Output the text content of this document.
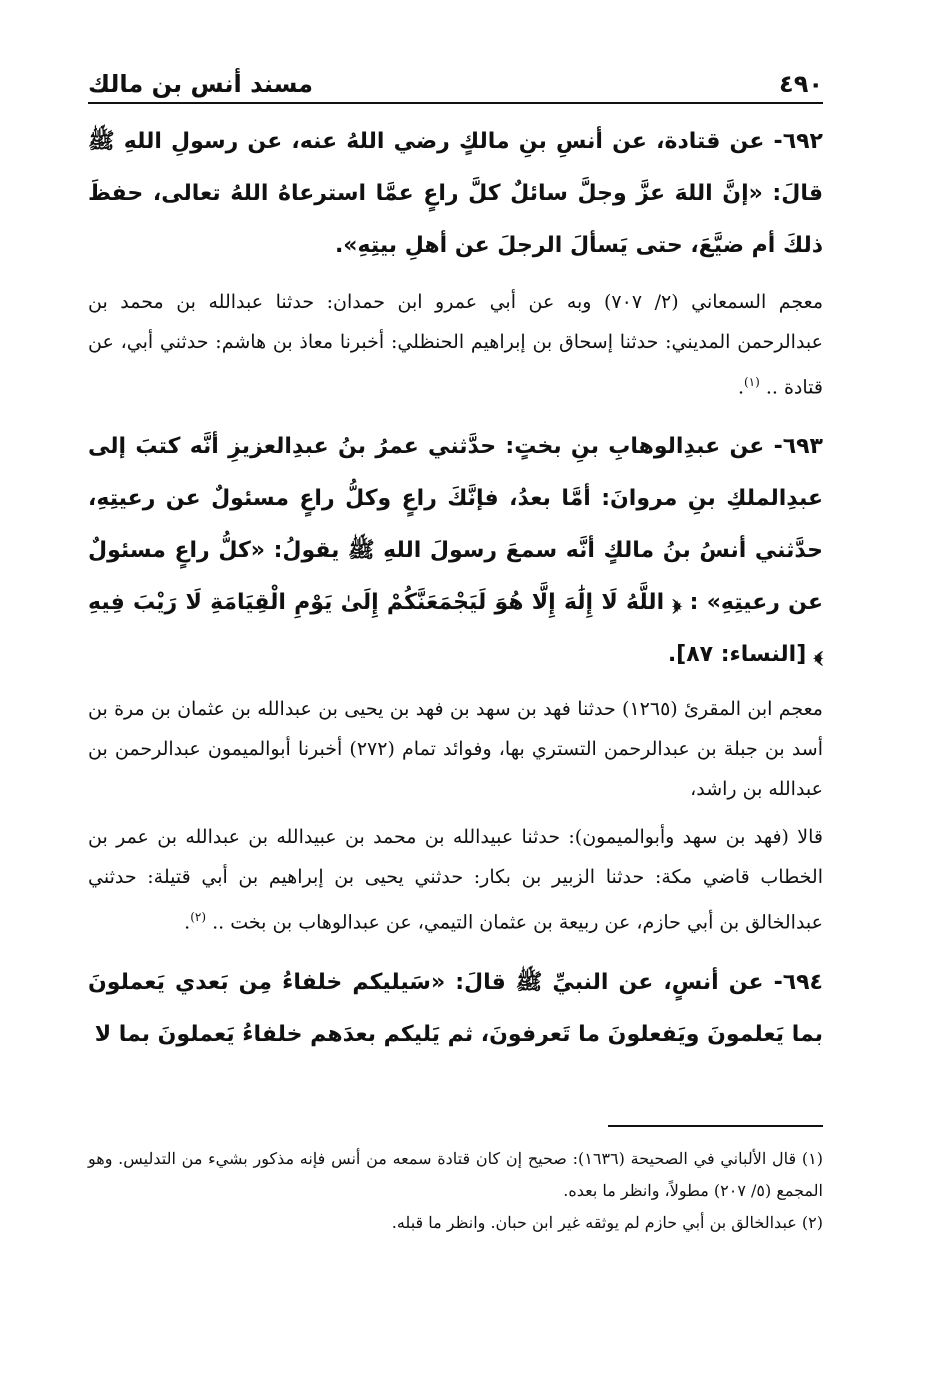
٤٩٠
مسند أنس بن مالك

٦٩٢- عن قتادة، عن أنسِ بنِ مالكٍ رضي اللهُ عنه، عن رسولِ اللهِ ﷺ قالَ: «إنَّ اللهَ عزَّ وجلَّ سائلٌ كلَّ راعٍ عمَّا استرعاهُ اللهُ تعالى، حفظَ ذلكَ أم ضيَّعَ، حتى يَسألَ الرجلَ عن أهلِ بيتِهِ».

معجم السمعاني (٢/ ٧٠٧) وبه عن أبي عمرو ابن حمدان: حدثنا عبدالله بن محمد بن عبدالرحمن المديني: حدثنا إسحاق بن إبراهيم الحنظلي: أخبرنا معاذ بن هاشم: حدثني أبي، عن قتادة .. $^{(١)}$.

٦٩٣- عن عبدِالوهابِ بنِ بختٍ: حدَّثني عمرُ بنُ عبدِالعزيزِ أنَّه كتبَ إلى عبدِالملكِ بنِ مروانَ: أمَّا بعدُ، فإنَّكَ راعٍ وكلُّ راعٍ مسئولٌ عن رعيتِهِ، حدَّثني أنسُ بنُ مالكٍ أنَّه سمعَ رسولَ اللهِ ﷺ يقولُ: «كلُّ راعٍ مسئولٌ عن رعيتِهِ» : ﴿ اللَّهُ لَا إِلَٰهَ إِلَّا هُوَ لَيَجْمَعَنَّكُمْ إِلَىٰ يَوْمِ الْقِيَامَةِ لَا رَيْبَ فِيهِ ﴾ [النساء: ٨٧].

معجم ابن المقرئ (١٢٦٥) حدثنا فهد بن سهد بن فهد بن يحيى بن عبدالله بن عثمان بن مرة بن أسد بن جبلة بن عبدالرحمن التستري بها، وفوائد تمام (٢٧٢) أخبرنا أبوالميمون عبدالرحمن بن عبدالله بن راشد،

قالا (فهد بن سهد وأبوالميمون): حدثنا عبيدالله بن محمد بن عبيدالله بن عبدالله بن عمر بن الخطاب قاضي مكة: حدثنا الزبير بن بكار: حدثني يحيى بن إبراهيم بن أبي قتيلة: حدثني عبدالخالق بن أبي حازم، عن ربيعة بن عثمان التيمي، عن عبدالوهاب بن بخت .. $^{(٢)}$.

٦٩٤- عن أنسٍ، عن النبيِّ ﷺ قالَ: «سَيليكم خلفاءُ مِن بَعدي يَعملونَ بما يَعلمونَ ويَفعلونَ ما تَعرفونَ، ثم يَليكم بعدَهم خلفاءُ يَعملونَ بما لا

(١) قال الألباني في الصحيحة (١٦٣٦): صحيح إن كان قتادة سمعه من أنس فإنه مذكور بشيء من التدليس. وهو المجمع (٥/ ٢٠٧) مطولاً، وانظر ما بعده.

(٢) عبدالخالق بن أبي حازم لم يوثقه غير ابن حبان. وانظر ما قبله.
